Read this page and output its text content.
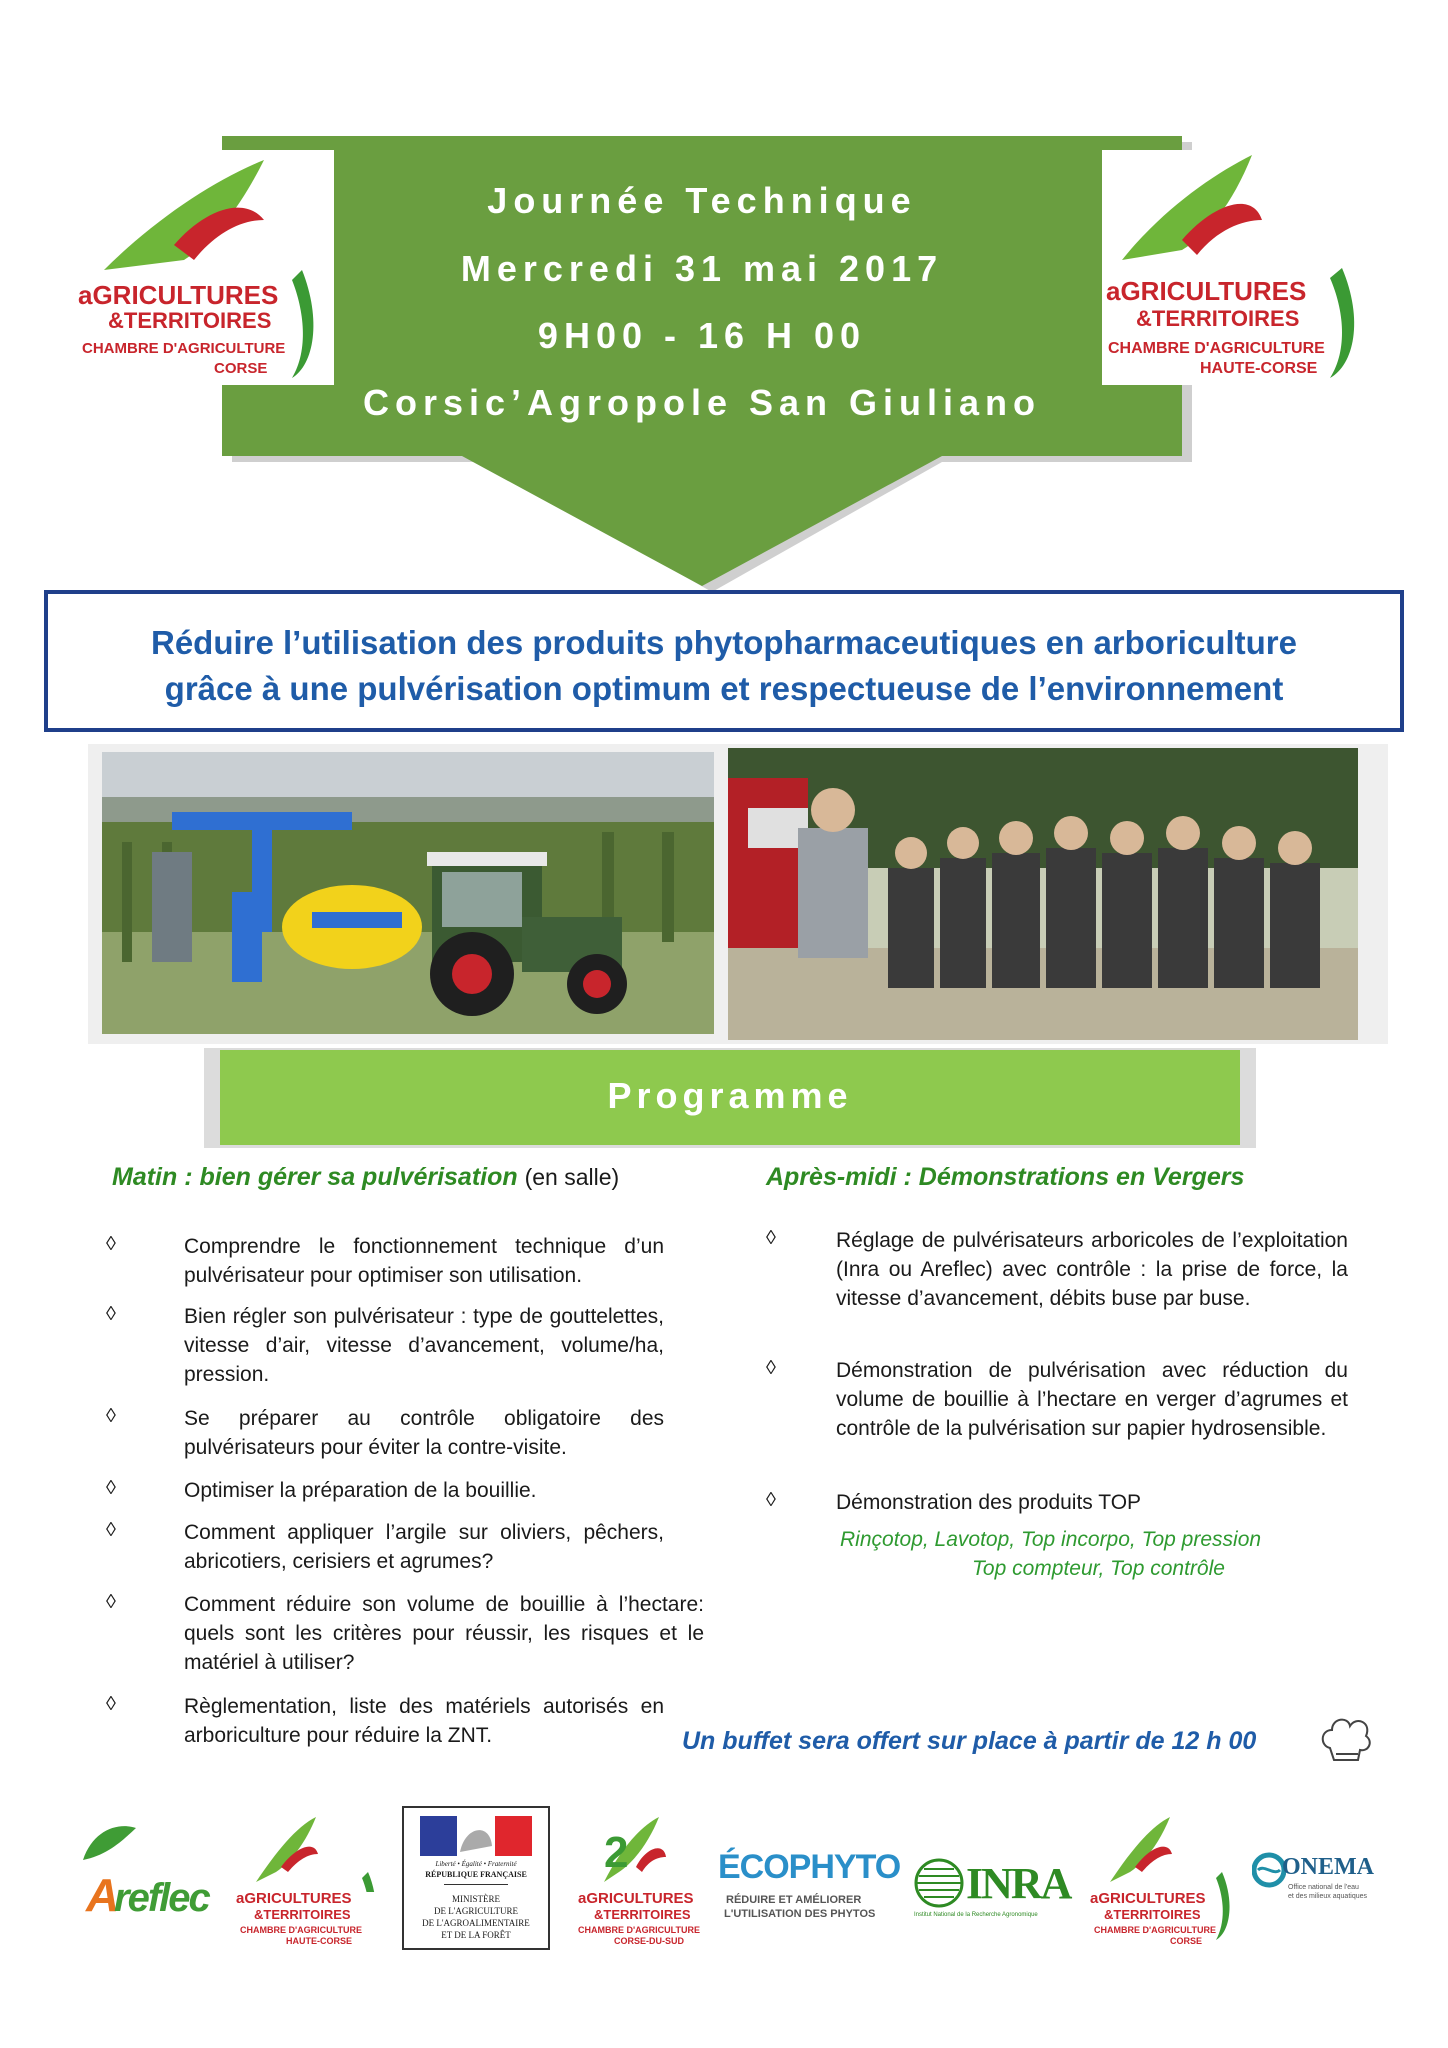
Journée Technique
Mercredi 31 mai 2017
9H00 - 16 H 00
Corsic’Agropole San Giuliano
aGRICULTURES
&TERRITOIRES
CHAMBRE D'AGRICULTURE
CORSE
aGRICULTURES
&TERRITOIRES
CHAMBRE D'AGRICULTURE
HAUTE-CORSE
Réduire l’utilisation des produits phytopharmaceutiques en arboriculture
grâce à une pulvérisation optimum et respectueuse de l’environnement
Programme
Matin : bien gérer sa pulvérisation (en salle)
◊	Comprendre le fonctionnement technique d’un pulvérisateur pour optimiser son utilisation.
◊	Bien régler son pulvérisateur : type de gouttelettes, vitesse d’air, vitesse d’avancement, volume/ha, pression.
◊	Se préparer au contrôle obligatoire des pulvérisateurs pour éviter la contre-visite.
◊	Optimiser la préparation de la bouillie.
◊	Comment appliquer l’argile sur oliviers, pêchers, abricotiers, cerisiers et agrumes?
◊	Comment réduire son volume de bouillie à l’hectare: quels sont les critères pour réussir, les risques et le matériel à utiliser?
◊	Règlementation, liste des matériels autorisés en arboriculture pour réduire la ZNT.
Après-midi : Démonstrations en Vergers
◊	Réglage de pulvérisateurs arboricoles de l’exploitation (Inra ou Areflec) avec contrôle : la prise de force, la vitesse d’avancement, débits buse par buse.
◊	Démonstration de pulvérisation avec réduction du volume de bouillie à l’hectare en verger d’agrumes et contrôle de la pulvérisation sur papier hydrosensible.
◊	Démonstration des produits TOP
Rinçotop, Lavotop, Top incorpo, Top pression
Top compteur, Top contrôle
Un buffet sera offert sur place à partir de 12 h 00
A
reflec aGRICULTURES
&TERRITOIRES
CHAMBRE D'AGRICULTURE
HAUTE-CORSE
Liberté • Égalité • Fraternité
RÉPUBLIQUE FRANÇAISE
MINISTÈRE
DE L'AGRICULTURE
DE L'AGROALIMENTAIRE
ET DE LA FORÊT
2
aGRICULTURES
&TERRITOIRES
CHAMBRE D'AGRICULTURE
CORSE-DU-SUD
ÉCOPHYTO
RÉDUIRE ET AMÉLIORER
L'UTILISATION DES PHYTOS
INRA
Institut National de la Recherche Agronomique
aGRICULTURES
&TERRITOIRES
CHAMBRE D'AGRICULTURE
CORSE
ONEMA
Office national de l'eau
et des milieux aquatiques
